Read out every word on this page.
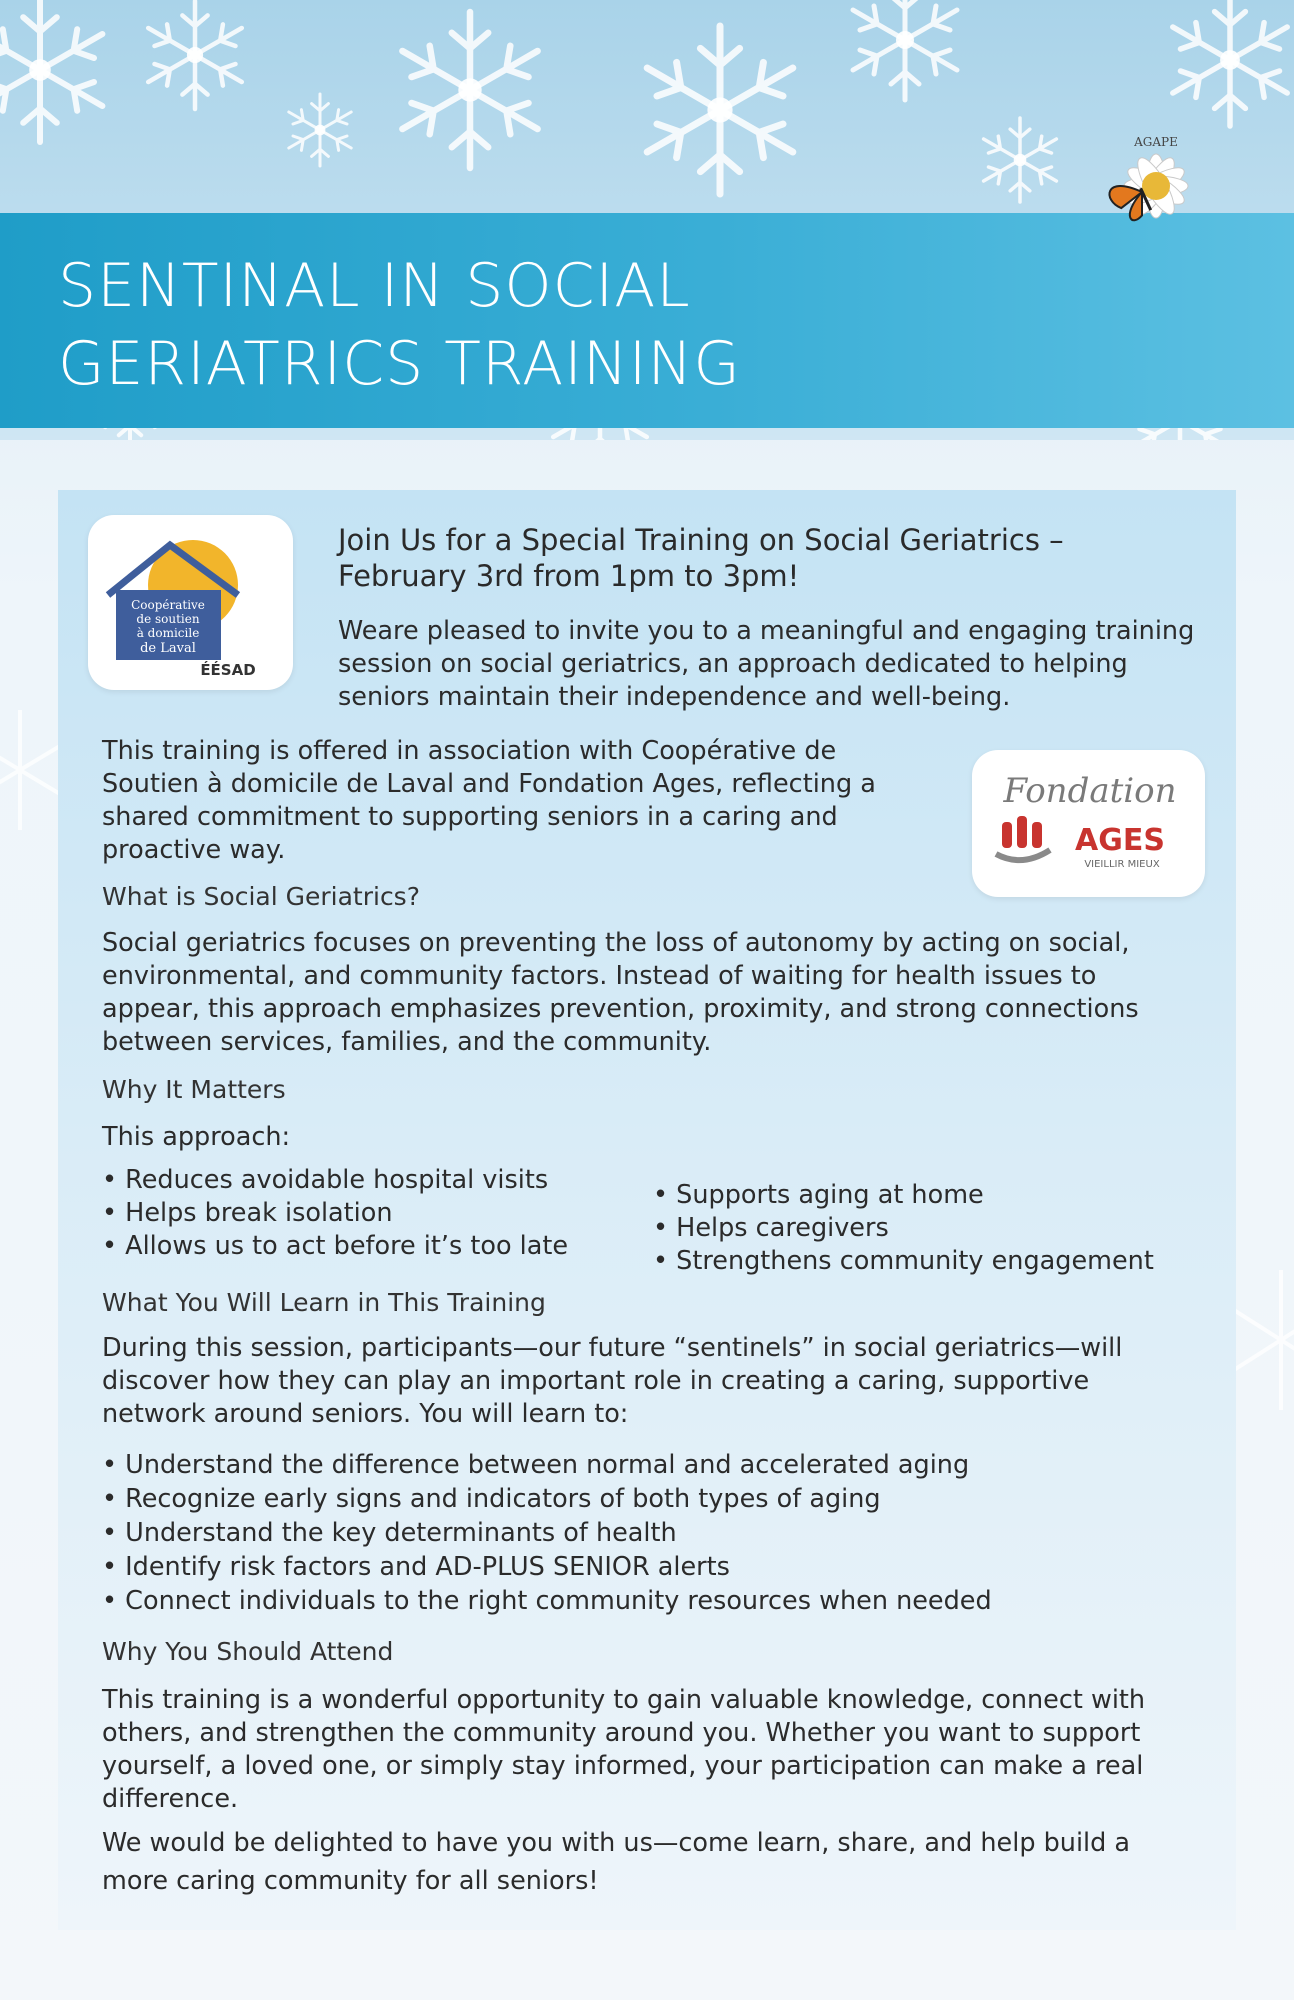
SENTINAL IN SOCIAL
GERIATRICS TRAINING
AGAPE
Coopérative
de soutien
à domicile
de Laval
ÉÉSAD
Join Us for a Special Training on Social Geriatrics – February 3rd from 1pm to 3pm!

Weare pleased to invite you to a meaningful and engaging training session on social geriatrics, an approach dedicated to helping seniors maintain their independence and well-being.

This training is offered in association with Coopérative de Soutien à domicile de Laval and Fondation Ages, reflecting a shared commitment to supporting seniors in a caring and proactive way.

Fondation
AGES
VIEILLIR MIEUX
What is Social Geriatrics?

Social geriatrics focuses on preventing the loss of autonomy by acting on social, environmental, and community factors. Instead of waiting for health issues to appear, this approach emphasizes prevention, proximity, and strong connections between services, families, and the community.

Why It Matters

This approach:

• Reduces avoidable hospital visits
• Helps break isolation
• Allows us to act before it’s too late
• Supports aging at home
• Helps caregivers
• Strengthens community engagement
What You Will Learn in This Training

During this session, participants—our future “sentinels” in social geriatrics—will discover how they can play an important role in creating a caring, supportive network around seniors. You will learn to:

• Understand the difference between normal and accelerated aging
• Recognize early signs and indicators of both types of aging
• Understand the key determinants of health
• Identify risk factors and AD-PLUS SENIOR alerts
• Connect individuals to the right community resources when needed
Why You Should Attend

This training is a wonderful opportunity to gain valuable knowledge, connect with others, and strengthen the community around you. Whether you want to support yourself, a loved one, or simply stay informed, your participation can make a real difference.

We would be delighted to have you with us—come learn, share, and help build a more caring community for all seniors!
